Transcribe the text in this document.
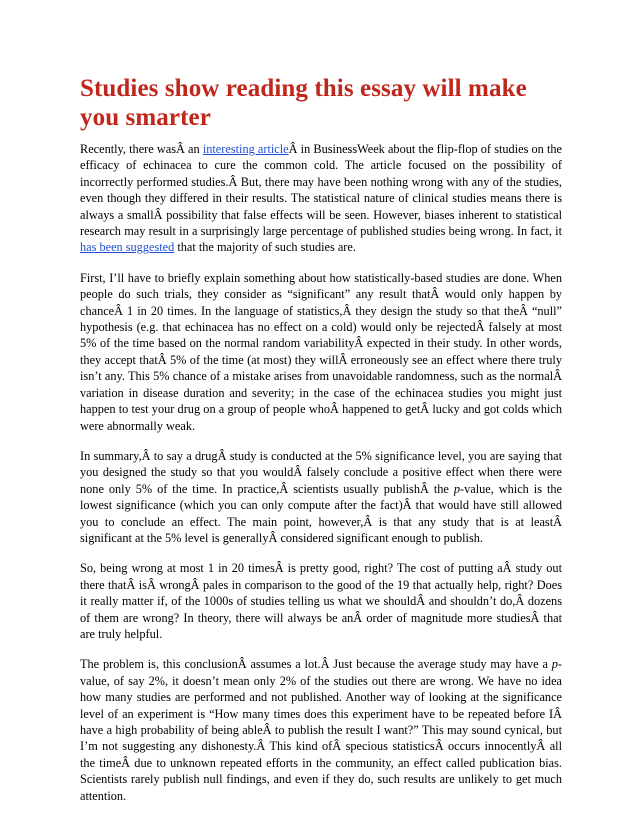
Studies show reading this essay will make you smarter

Recently, there wasÂ an interesting articleÂ in BusinessWeek about the flip-flop of studies on the efficacy of echinacea to cure the common cold. The article focused on the possibility of incorrectly performed studies.Â But, there may have been nothing wrong with any of the studies, even though they differed in their results. The statistical nature of clinical studies means there is always a smallÂ possibility that false effects will be seen. However, biases inherent to statistical research may result in a surprisingly large percentage of published studies being wrong. In fact, it has been suggested that the majority of such studies are.

First, I’ll have to briefly explain something about how statistically-based studies are done. When people do such trials, they consider as “significant” any result thatÂ would only happen by chanceÂ 1 in 20 times. In the language of statistics,Â they design the study so that theÂ “null” hypothesis (e.g. that echinacea has no effect on a cold) would only be rejectedÂ falsely at most 5% of the time based on the normal random variabilityÂ expected in their study. In other words, they accept thatÂ 5% of the time (at most) they willÂ erroneously see an effect where there truly isn’t any. This 5% chance of a mistake arises from unavoidable randomness, such as the normalÂ variation in disease duration and severity; in the case of the echinacea studies you might just happen to test your drug on a group of people whoÂ happened to getÂ lucky and got colds which were abnormally weak.

In summary,Â to say a drugÂ study is conducted at the 5% significance level, you are saying that you designed the study so that you wouldÂ falsely conclude a positive effect when there were none only 5% of the time. In practice,Â scientists usually publishÂ the p-value, which is the lowest significance (which you can only compute after the fact)Â that would have still allowed you to conclude an effect. The main point, however,Â is that any study that is at leastÂ significant at the 5% level is generallyÂ considered significant enough to publish.

So, being wrong at most 1 in 20 timesÂ is pretty good, right? The cost of putting aÂ study out there thatÂ isÂ wrongÂ pales in comparison to the good of the 19 that actually help, right? Does it really matter if, of the 1000s of studies telling us what we shouldÂ and shouldn’t do,Â dozens of them are wrong? In theory, there will always be anÂ order of magnitude more studiesÂ that are truly helpful.

The problem is, this conclusionÂ assumes a lot.Â Just because the average study may have a p-value, of say 2%, it doesn’t mean only 2% of the studies out there are wrong. We have no idea how many studies are performed and not published. Another way of looking at the significance level of an experiment is “How many times does this experiment have to be repeated before IÂ have a high probability of being ableÂ to publish the result I want?” This may sound cynical, but I’m not suggesting any dishonesty.Â This kind ofÂ specious statisticsÂ occurs innocentlyÂ all the timeÂ due to unknown repeated efforts in the community, an effect called publication bias. Scientists rarely publish null findings, and even if they do, such results are unlikely to get much attention.
